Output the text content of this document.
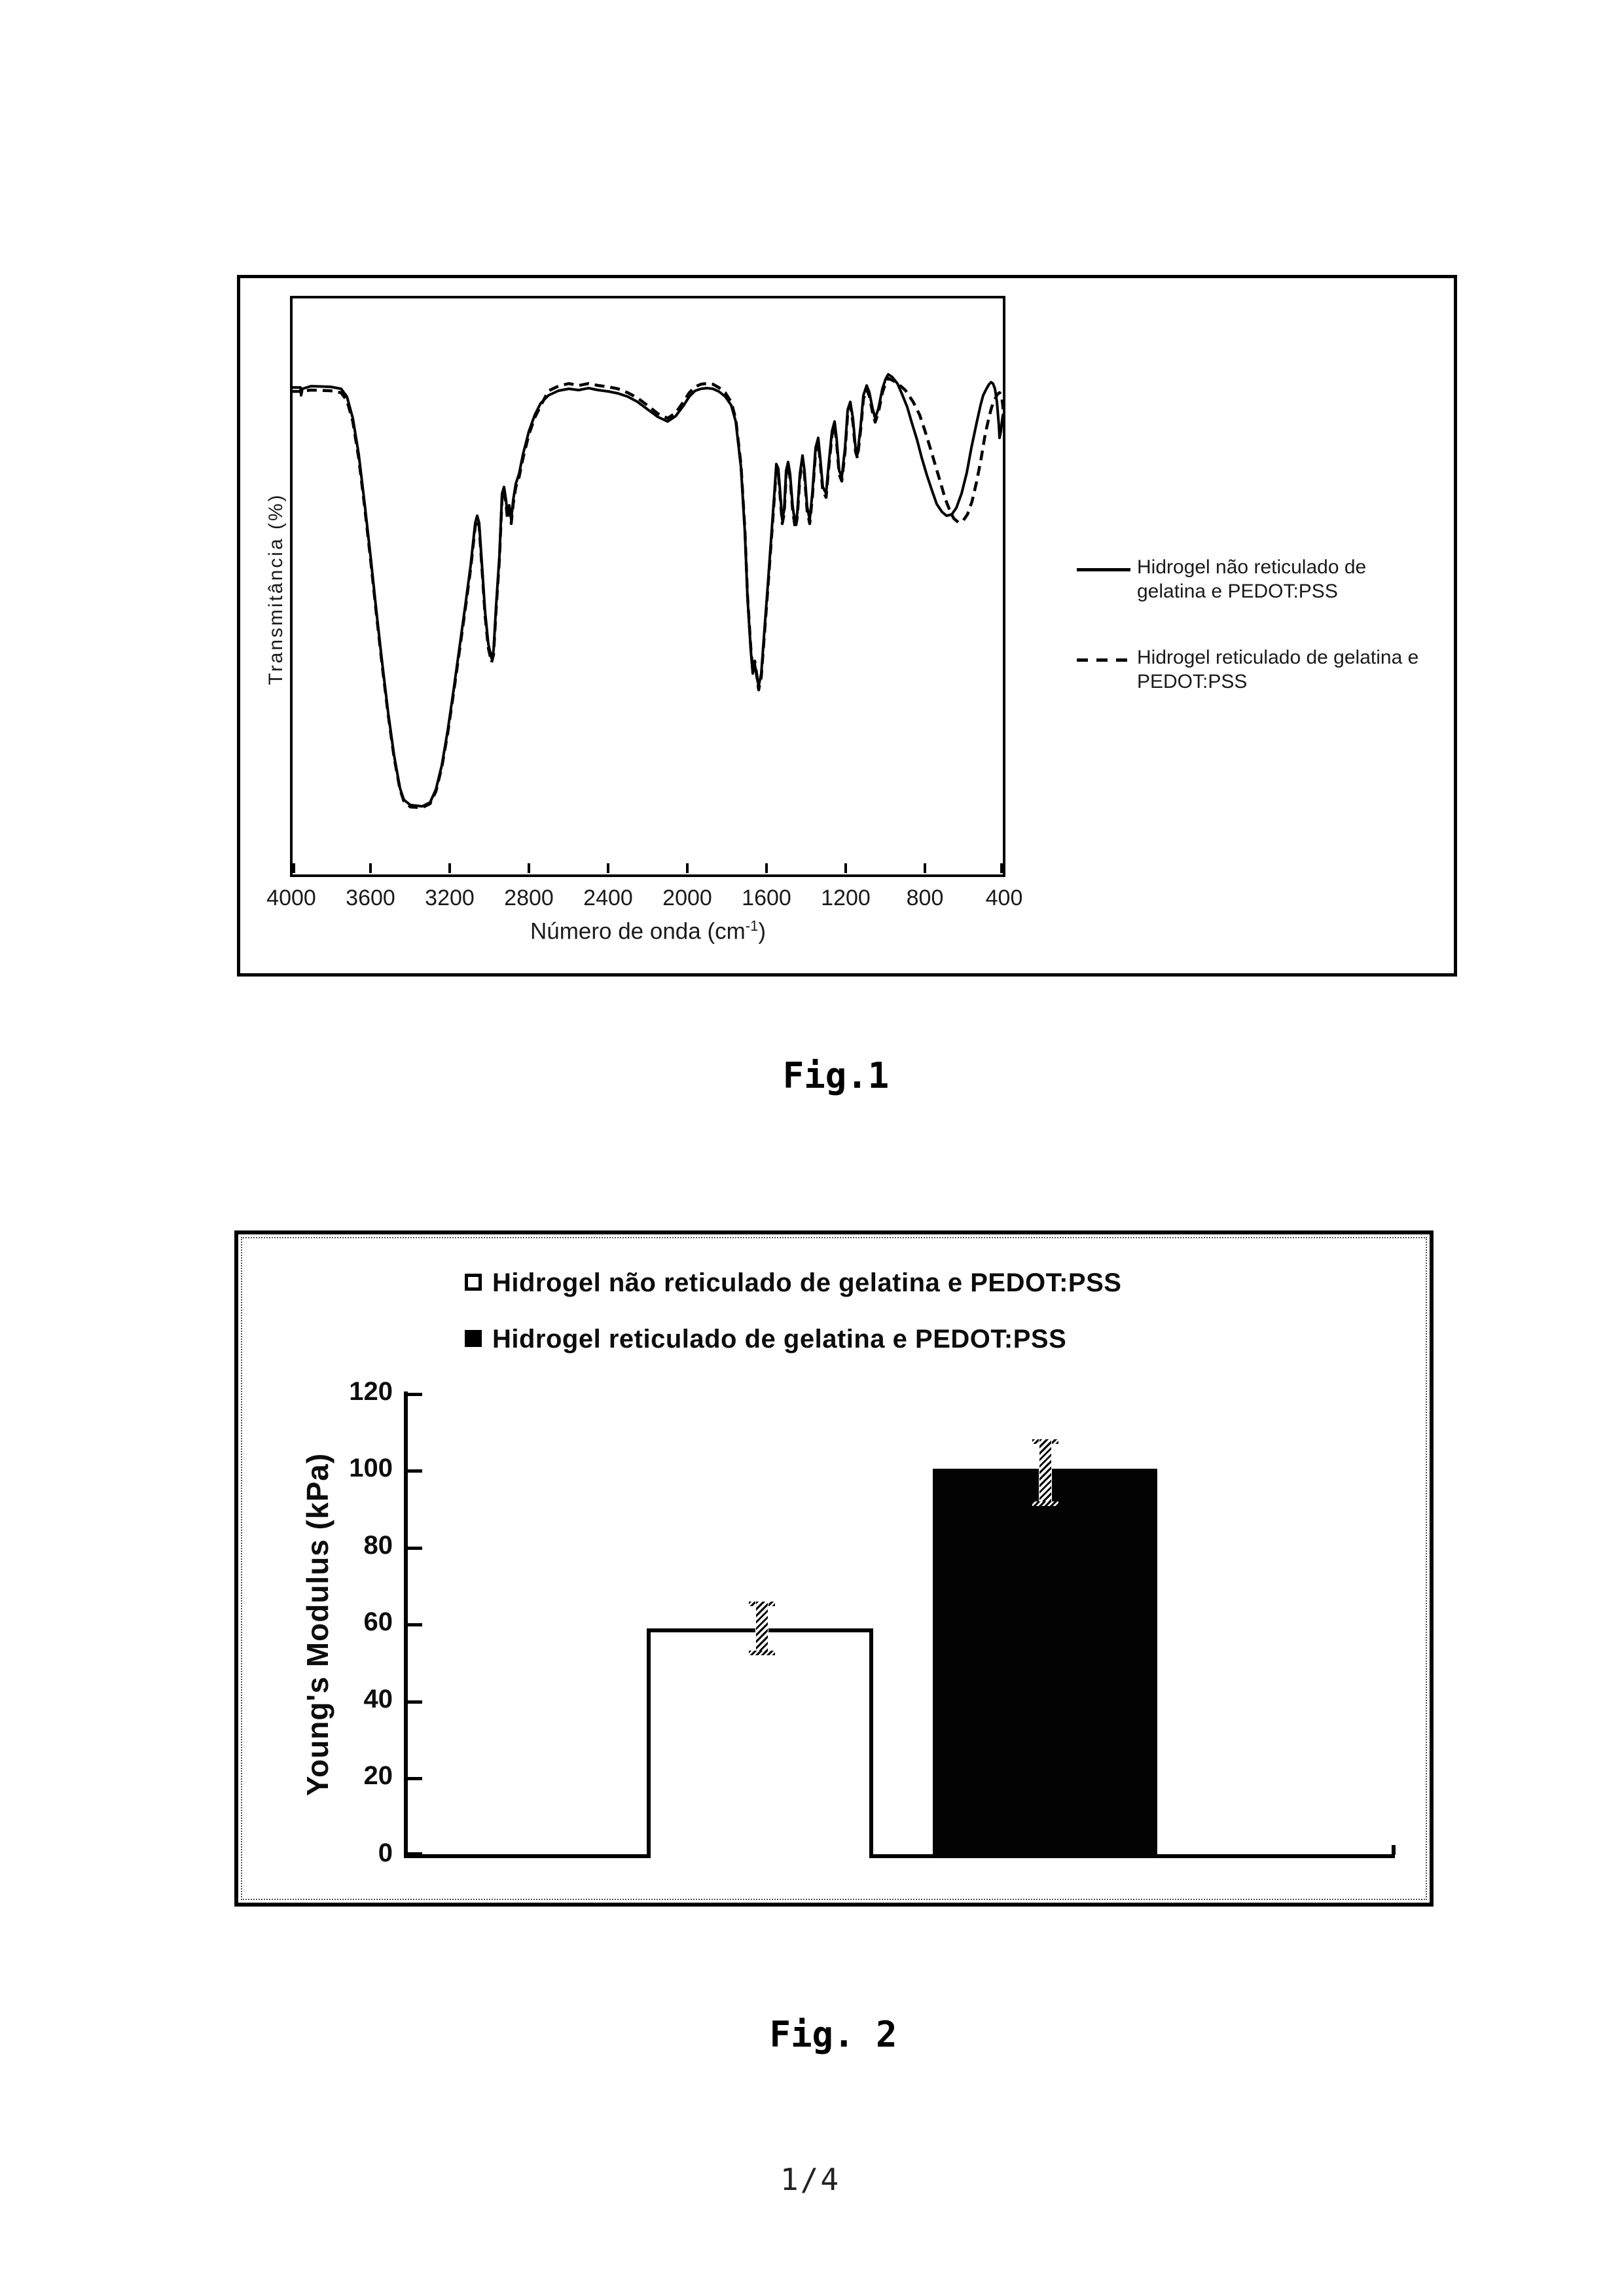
Transmitância (%)
4000	3600	3200	2800	2400	2000	1600	1200	800	400
Número de onda $(cm^{-1})$
Hidrogel não reticulado de
gelatina e PEDOT:PSS
Hidrogel reticulado de gelatina e
PEDOT:PSS
Fig.1
Hidrogel não reticulado de gelatina e PEDOT:PSS
Hidrogel reticulado de gelatina e PEDOT:PSS
0
20
40
60
80
100
120
Young's Modulus (kPa)
Fig. 2
1/4
